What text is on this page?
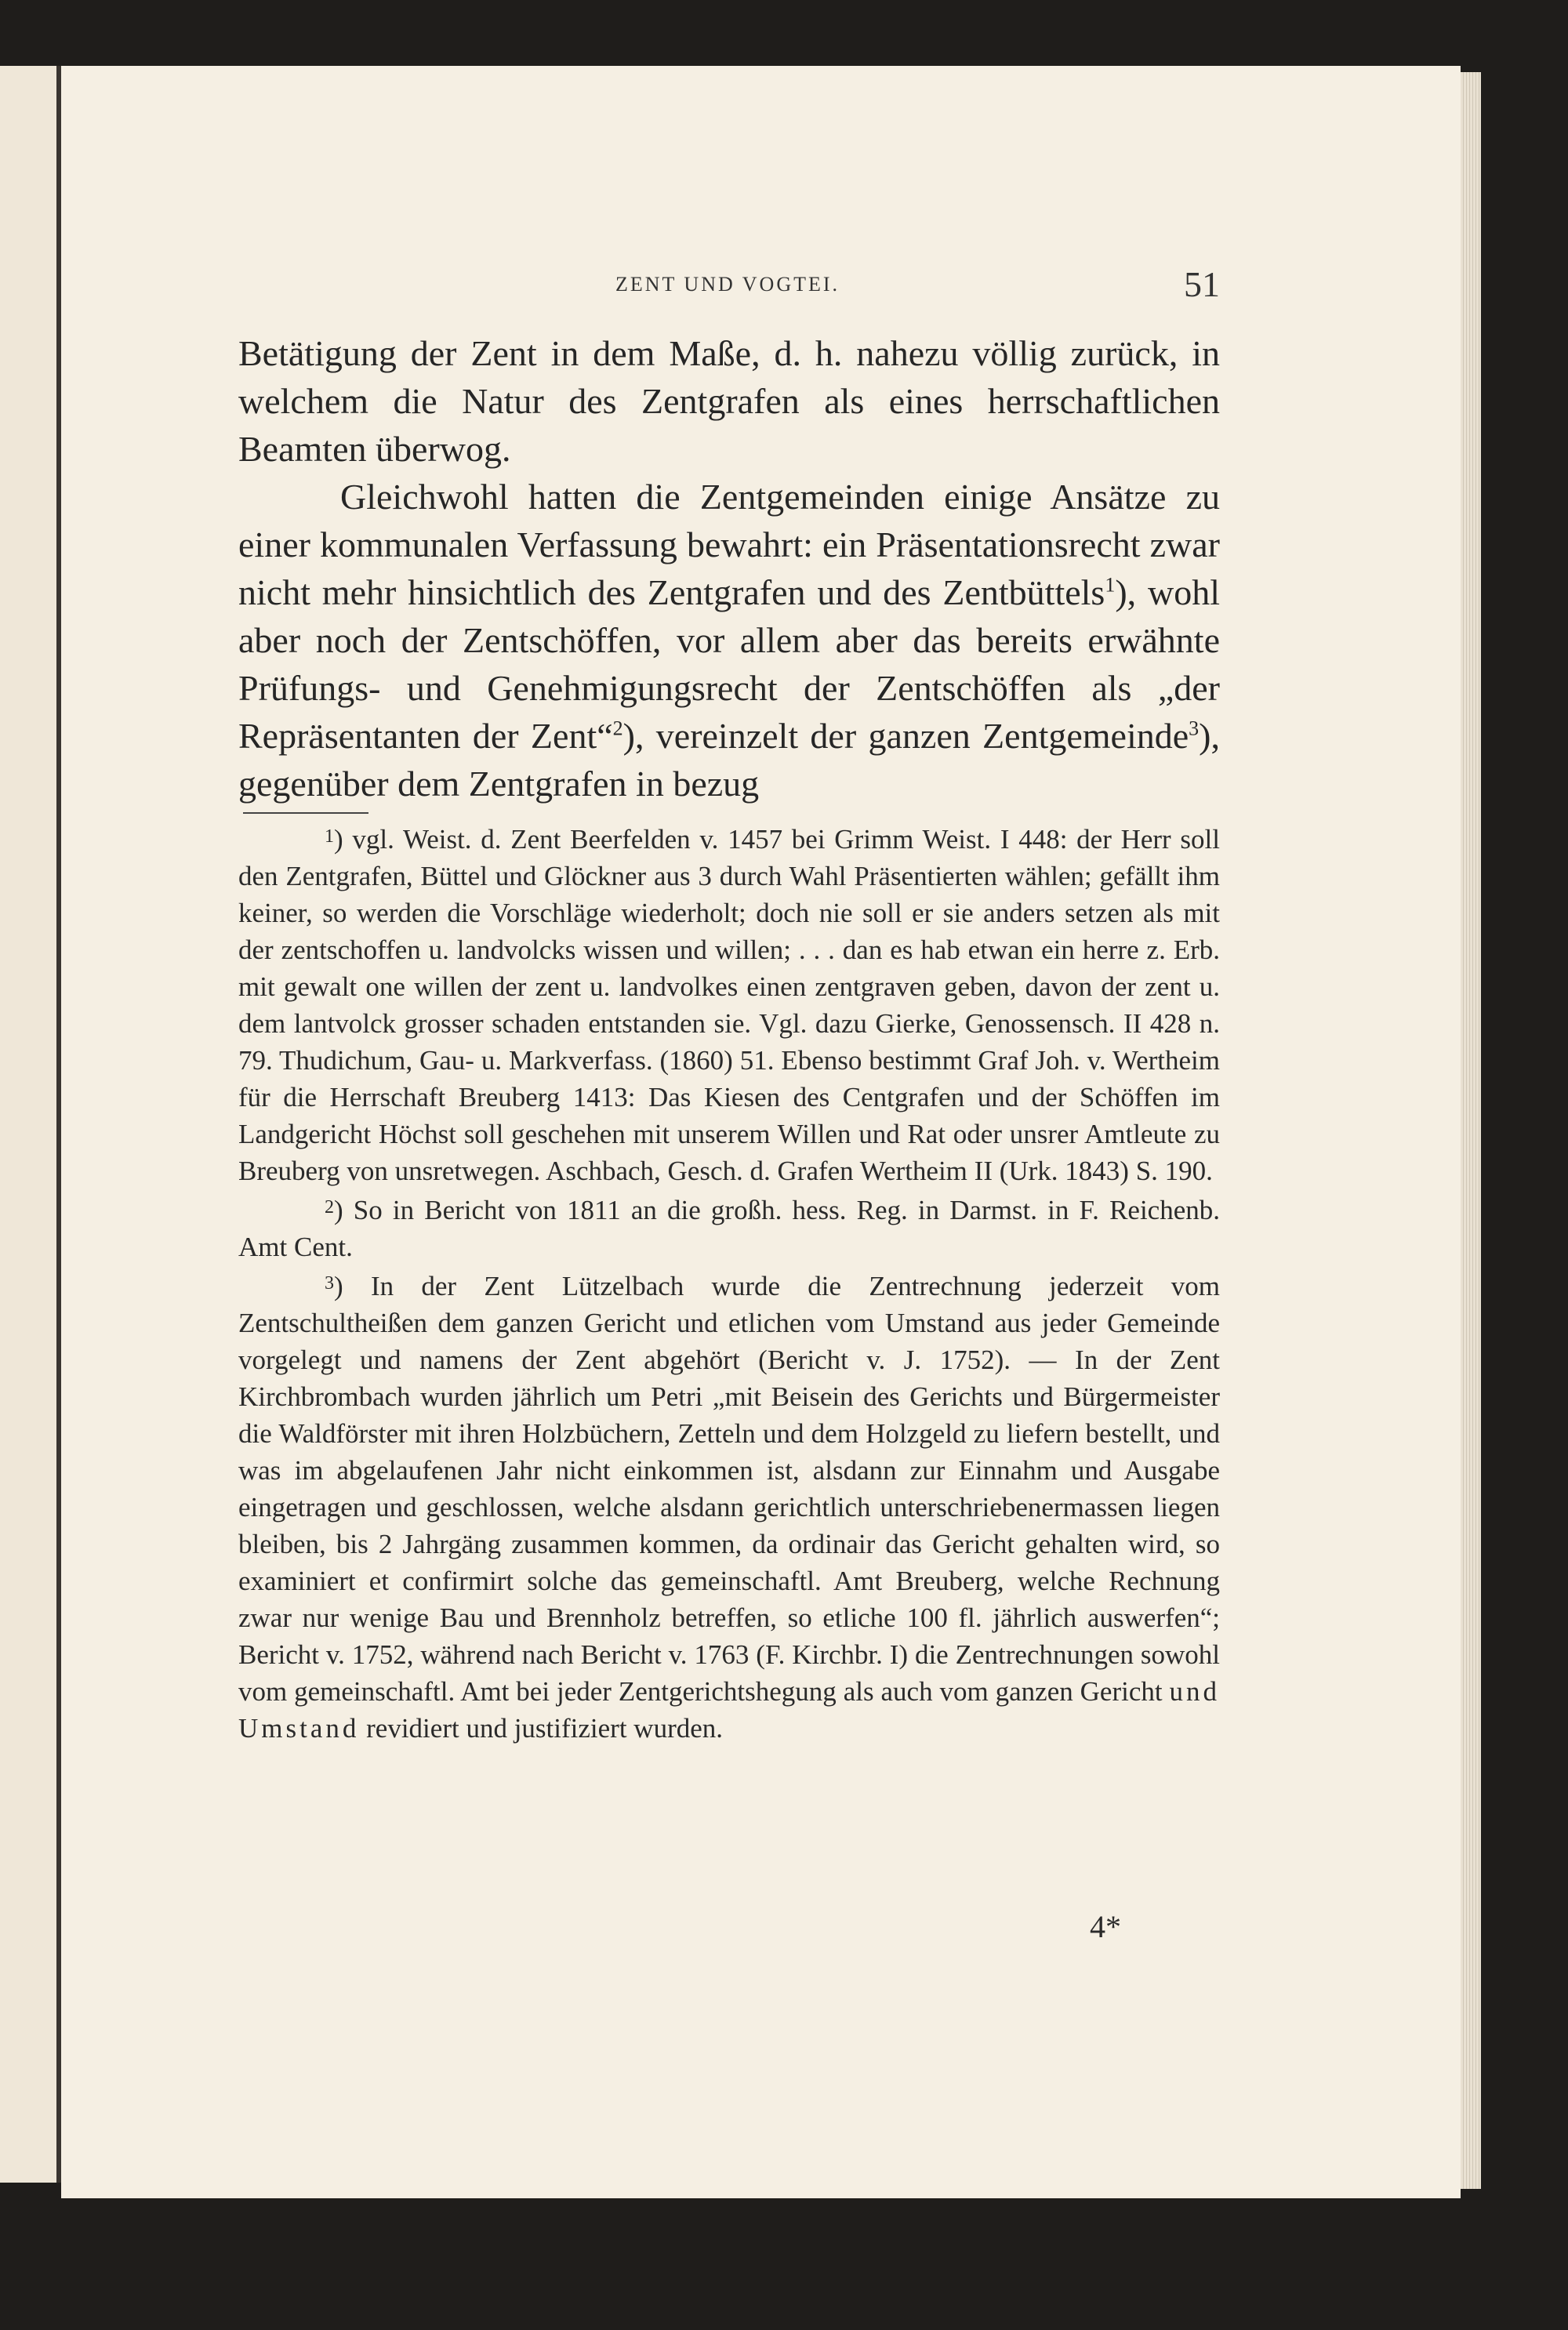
ZENT UND VOGTEI.	51

Betätigung der Zent in dem Maße, d. h. nahezu völlig zurück, in welchem die Natur des Zentgrafen als eines herrschaftlichen Beamten überwog.

Gleichwohl hatten die Zentgemeinden einige Ansätze zu einer kommunalen Verfassung bewahrt: ein Präsentationsrecht zwar nicht mehr hinsichtlich des Zentgrafen und des Zentbüttels$^1$), wohl aber noch der Zentschöffen, vor allem aber das bereits erwähnte Prüfungs- und Genehmigungsrecht der Zentschöffen als „der Repräsentanten der Zent“$^2$), vereinzelt der ganzen Zentgemeinde$^3$), gegenüber dem Zentgrafen in bezug

$^1$) vgl. Weist. d. Zent Beerfelden v. 1457 bei Grimm Weist. I 448: der Herr soll den Zentgrafen, Büttel und Glöckner aus 3 durch Wahl Präsentierten wählen; gefällt ihm keiner, so werden die Vorschläge wiederholt; doch nie soll er sie anders setzen als mit der zentschoffen u. landvolcks wissen und willen; . . . dan es hab etwan ein herre z. Erb. mit gewalt one willen der zent u. landvolkes einen zentgraven geben, davon der zent u. dem lantvolck grosser schaden entstanden sie. Vgl. dazu Gierke, Genossensch. II 428 n. 79. Thudichum, Gau- u. Markverfass. (1860) 51. Ebenso bestimmt Graf Joh. v. Wertheim für die Herrschaft Breuberg 1413: Das Kiesen des Centgrafen und der Schöffen im Landgericht Höchst soll geschehen mit unserem Willen und Rat oder unsrer Amtleute zu Breuberg von unsretwegen. Aschbach, Gesch. d. Grafen Wertheim II (Urk. 1843) S. 190.

$^2$) So in Bericht von 1811 an die großh. hess. Reg. in Darmst. in F. Reichenb. Amt Cent.

$^3$) In der Zent Lützelbach wurde die Zentrechnung jederzeit vom Zentschultheißen dem ganzen Gericht und etlichen vom Umstand aus jeder Gemeinde vorgelegt und namens der Zent abgehört (Bericht v. J. 1752). — In der Zent Kirchbrombach wurden jährlich um Petri „mit Beisein des Gerichts und Bürgermeister die Waldförster mit ihren Holzbüchern, Zetteln und dem Holzgeld zu liefern bestellt, und was im abgelaufenen Jahr nicht einkommen ist, alsdann zur Einnahm und Ausgabe eingetragen und geschlossen, welche alsdann gerichtlich unterschriebenermassen liegen bleiben, bis 2 Jahrgäng zusammen kommen, da ordinair das Gericht gehalten wird, so examiniert et confirmirt solche das gemeinschaftl. Amt Breuberg, welche Rechnung zwar nur wenige Bau und Brennholz betreffen, so etliche 100 fl. jährlich auswerfen“; Bericht v. 1752, während nach Bericht v. 1763 (F. Kirchbr. I) die Zentrechnungen sowohl vom gemeinschaftl. Amt bei jeder Zentgerichtshegung als auch vom ganzen Gericht und Umstand revidiert und justifiziert wurden.

4*
